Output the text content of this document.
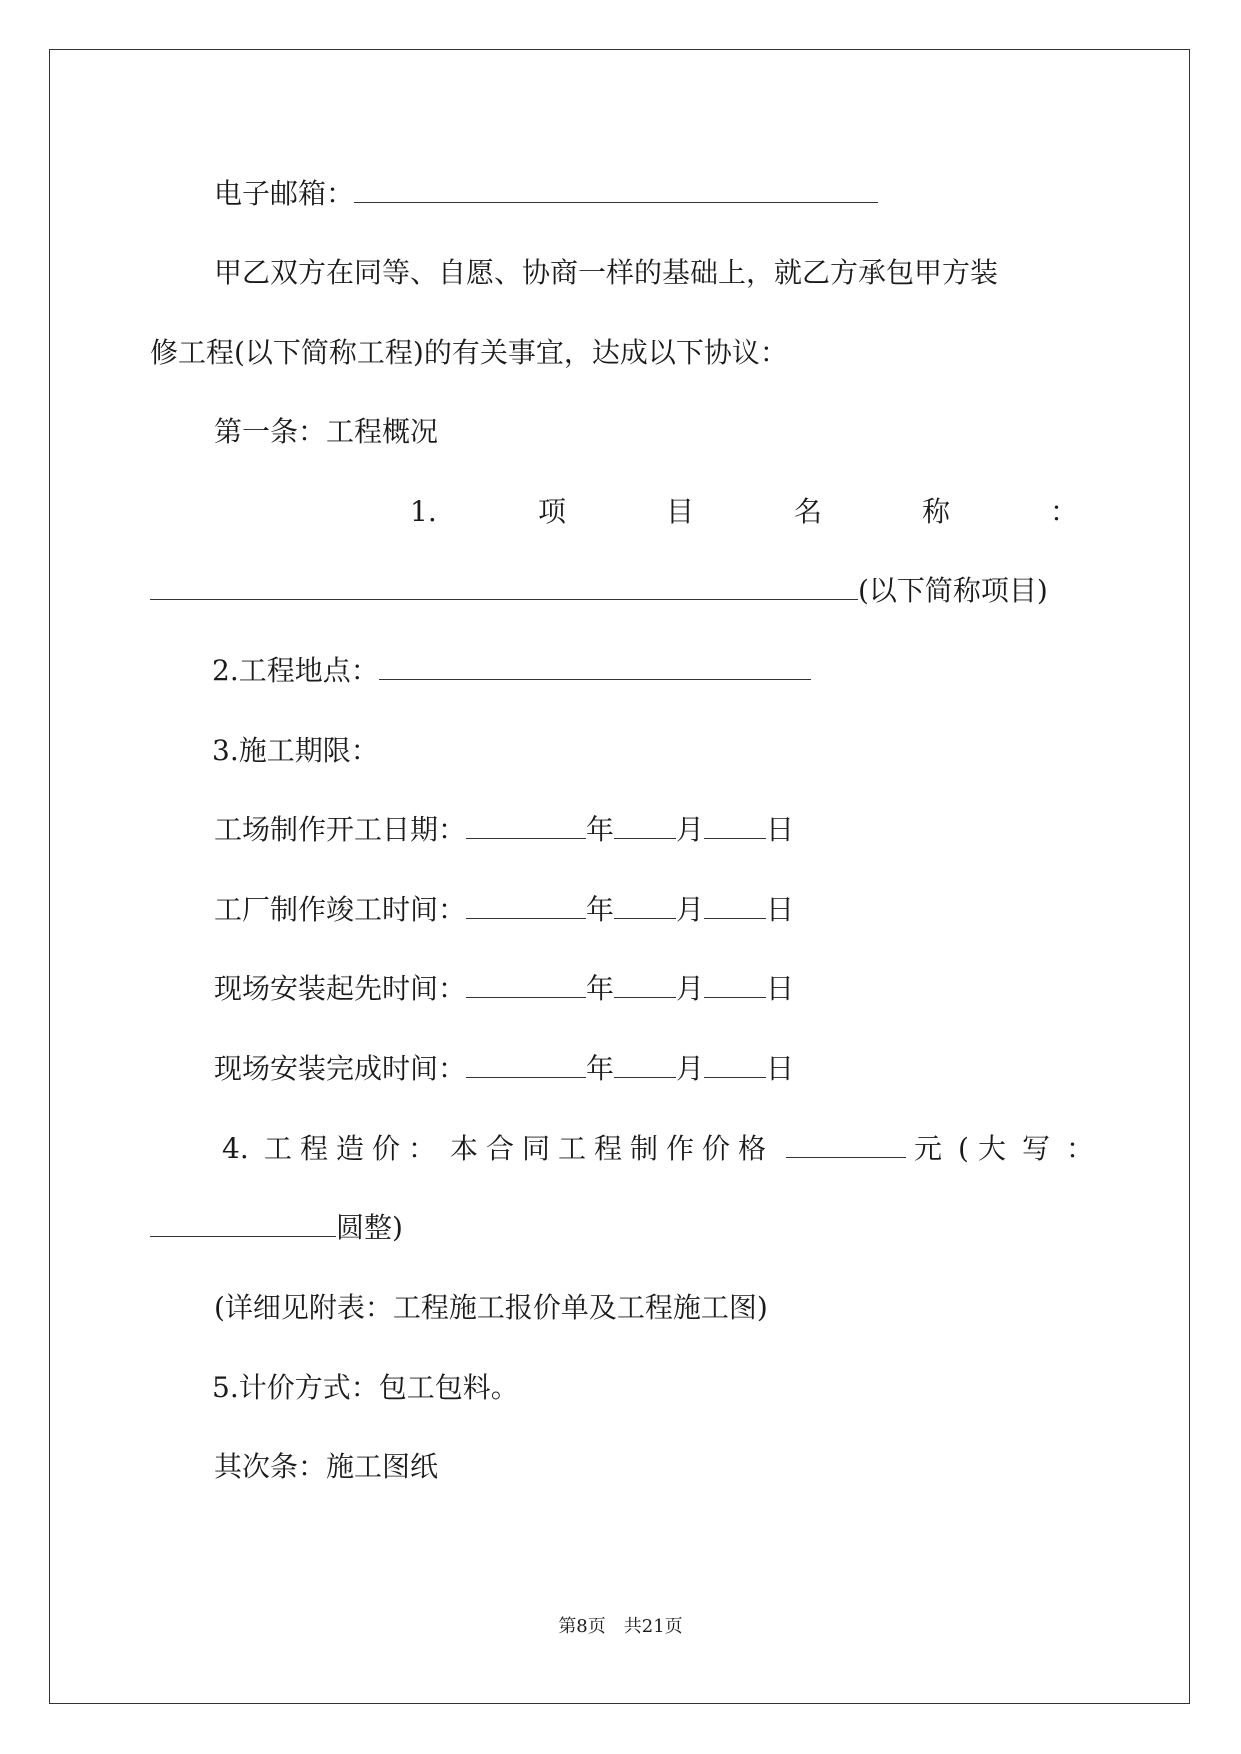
电子邮箱：
甲乙双方在同等、自愿、协商一样的基础上，就乙方承包甲方装
修工程(以下简称工程)的有关事宜，达成以下协议：
第一条：工程概况
1.	项	目	名	称	：
(以下简称项目)
2.工程地点：
3.施工期限：
工场制作开工日期：	年 月 日
工厂制作竣工时间：	年 月 日
现场安装起先时间：	年 月 日
现场安装完成时间：	年 月 日
4. 工 程 造 价 ： 本 合 同 工 程 制 作 价 格	元 ( 大 写 ：
圆整)
(详细见附表：工程施工报价单及工程施工图)
5.计价方式：包工包料。
其次条：施工图纸
第8页　共21页
